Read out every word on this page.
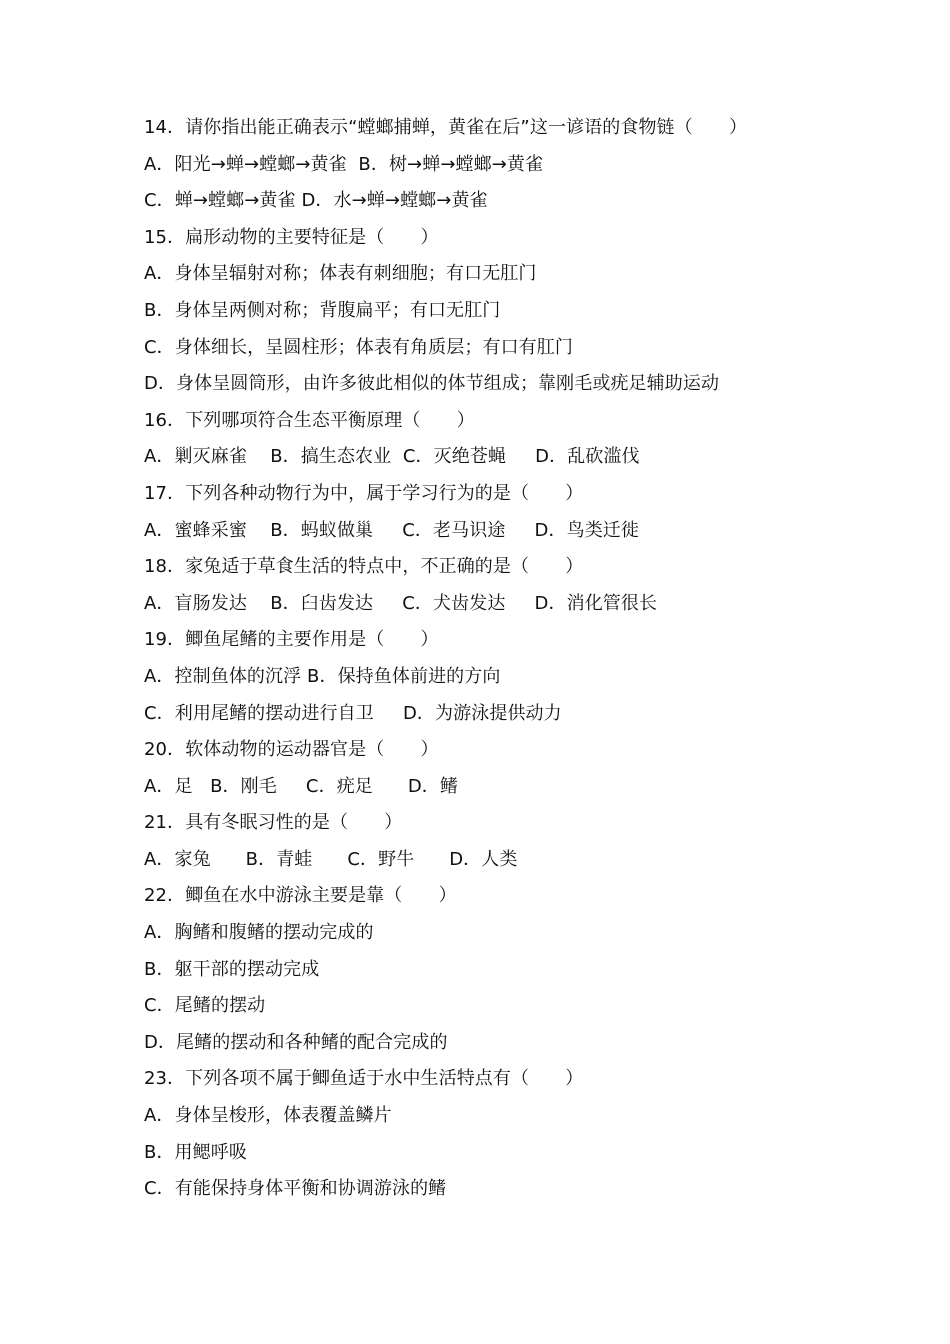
14．请你指出能正确表示“螳螂捕蝉，黄雀在后”这一谚语的食物链（　　）
A．阳光→蝉→螳螂→黄雀  B．树→蝉→螳螂→黄雀
C．蝉→螳螂→黄雀 D．水→蝉→螳螂→黄雀
15．扁形动物的主要特征是（　　）
A．身体呈辐射对称；体表有刺细胞；有口无肛门
B．身体呈两侧对称；背腹扁平；有口无肛门
C．身体细长，呈圆柱形；体表有角质层；有口有肛门
D．身体呈圆筒形，由许多彼此相似的体节组成；靠刚毛或疣足辅助运动
16．下列哪项符合生态平衡原理（　　）
A．剿灭麻雀    B．搞生态农业  C．灭绝苍蝇     D．乱砍滥伐
17．下列各种动物行为中，属于学习行为的是（　　）
A．蜜蜂采蜜    B．蚂蚁做巢     C．老马识途     D．鸟类迁徙
18．家兔适于草食生活的特点中，不正确的是（　　）
A．盲肠发达    B．臼齿发达     C．犬齿发达     D．消化管很长
19．鲫鱼尾鳍的主要作用是（　　）
A．控制鱼体的沉浮 B．保持鱼体前进的方向
C．利用尾鳍的摆动进行自卫     D．为游泳提供动力
20．软体动物的运动器官是（　　）
A．足   B．刚毛     C．疣足      D．鳍
21．具有冬眠习性的是（　　）
A．家兔      B．青蛙      C．野牛      D．人类
22．鲫鱼在水中游泳主要是靠（　　）
A．胸鳍和腹鳍的摆动完成的
B．躯干部的摆动完成
C．尾鳍的摆动
D．尾鳍的摆动和各种鳍的配合完成的
23．下列各项不属于鲫鱼适于水中生活特点有（　　）
A．身体呈梭形，体表覆盖鳞片
B．用鳃呼吸
C．有能保持身体平衡和协调游泳的鳍
